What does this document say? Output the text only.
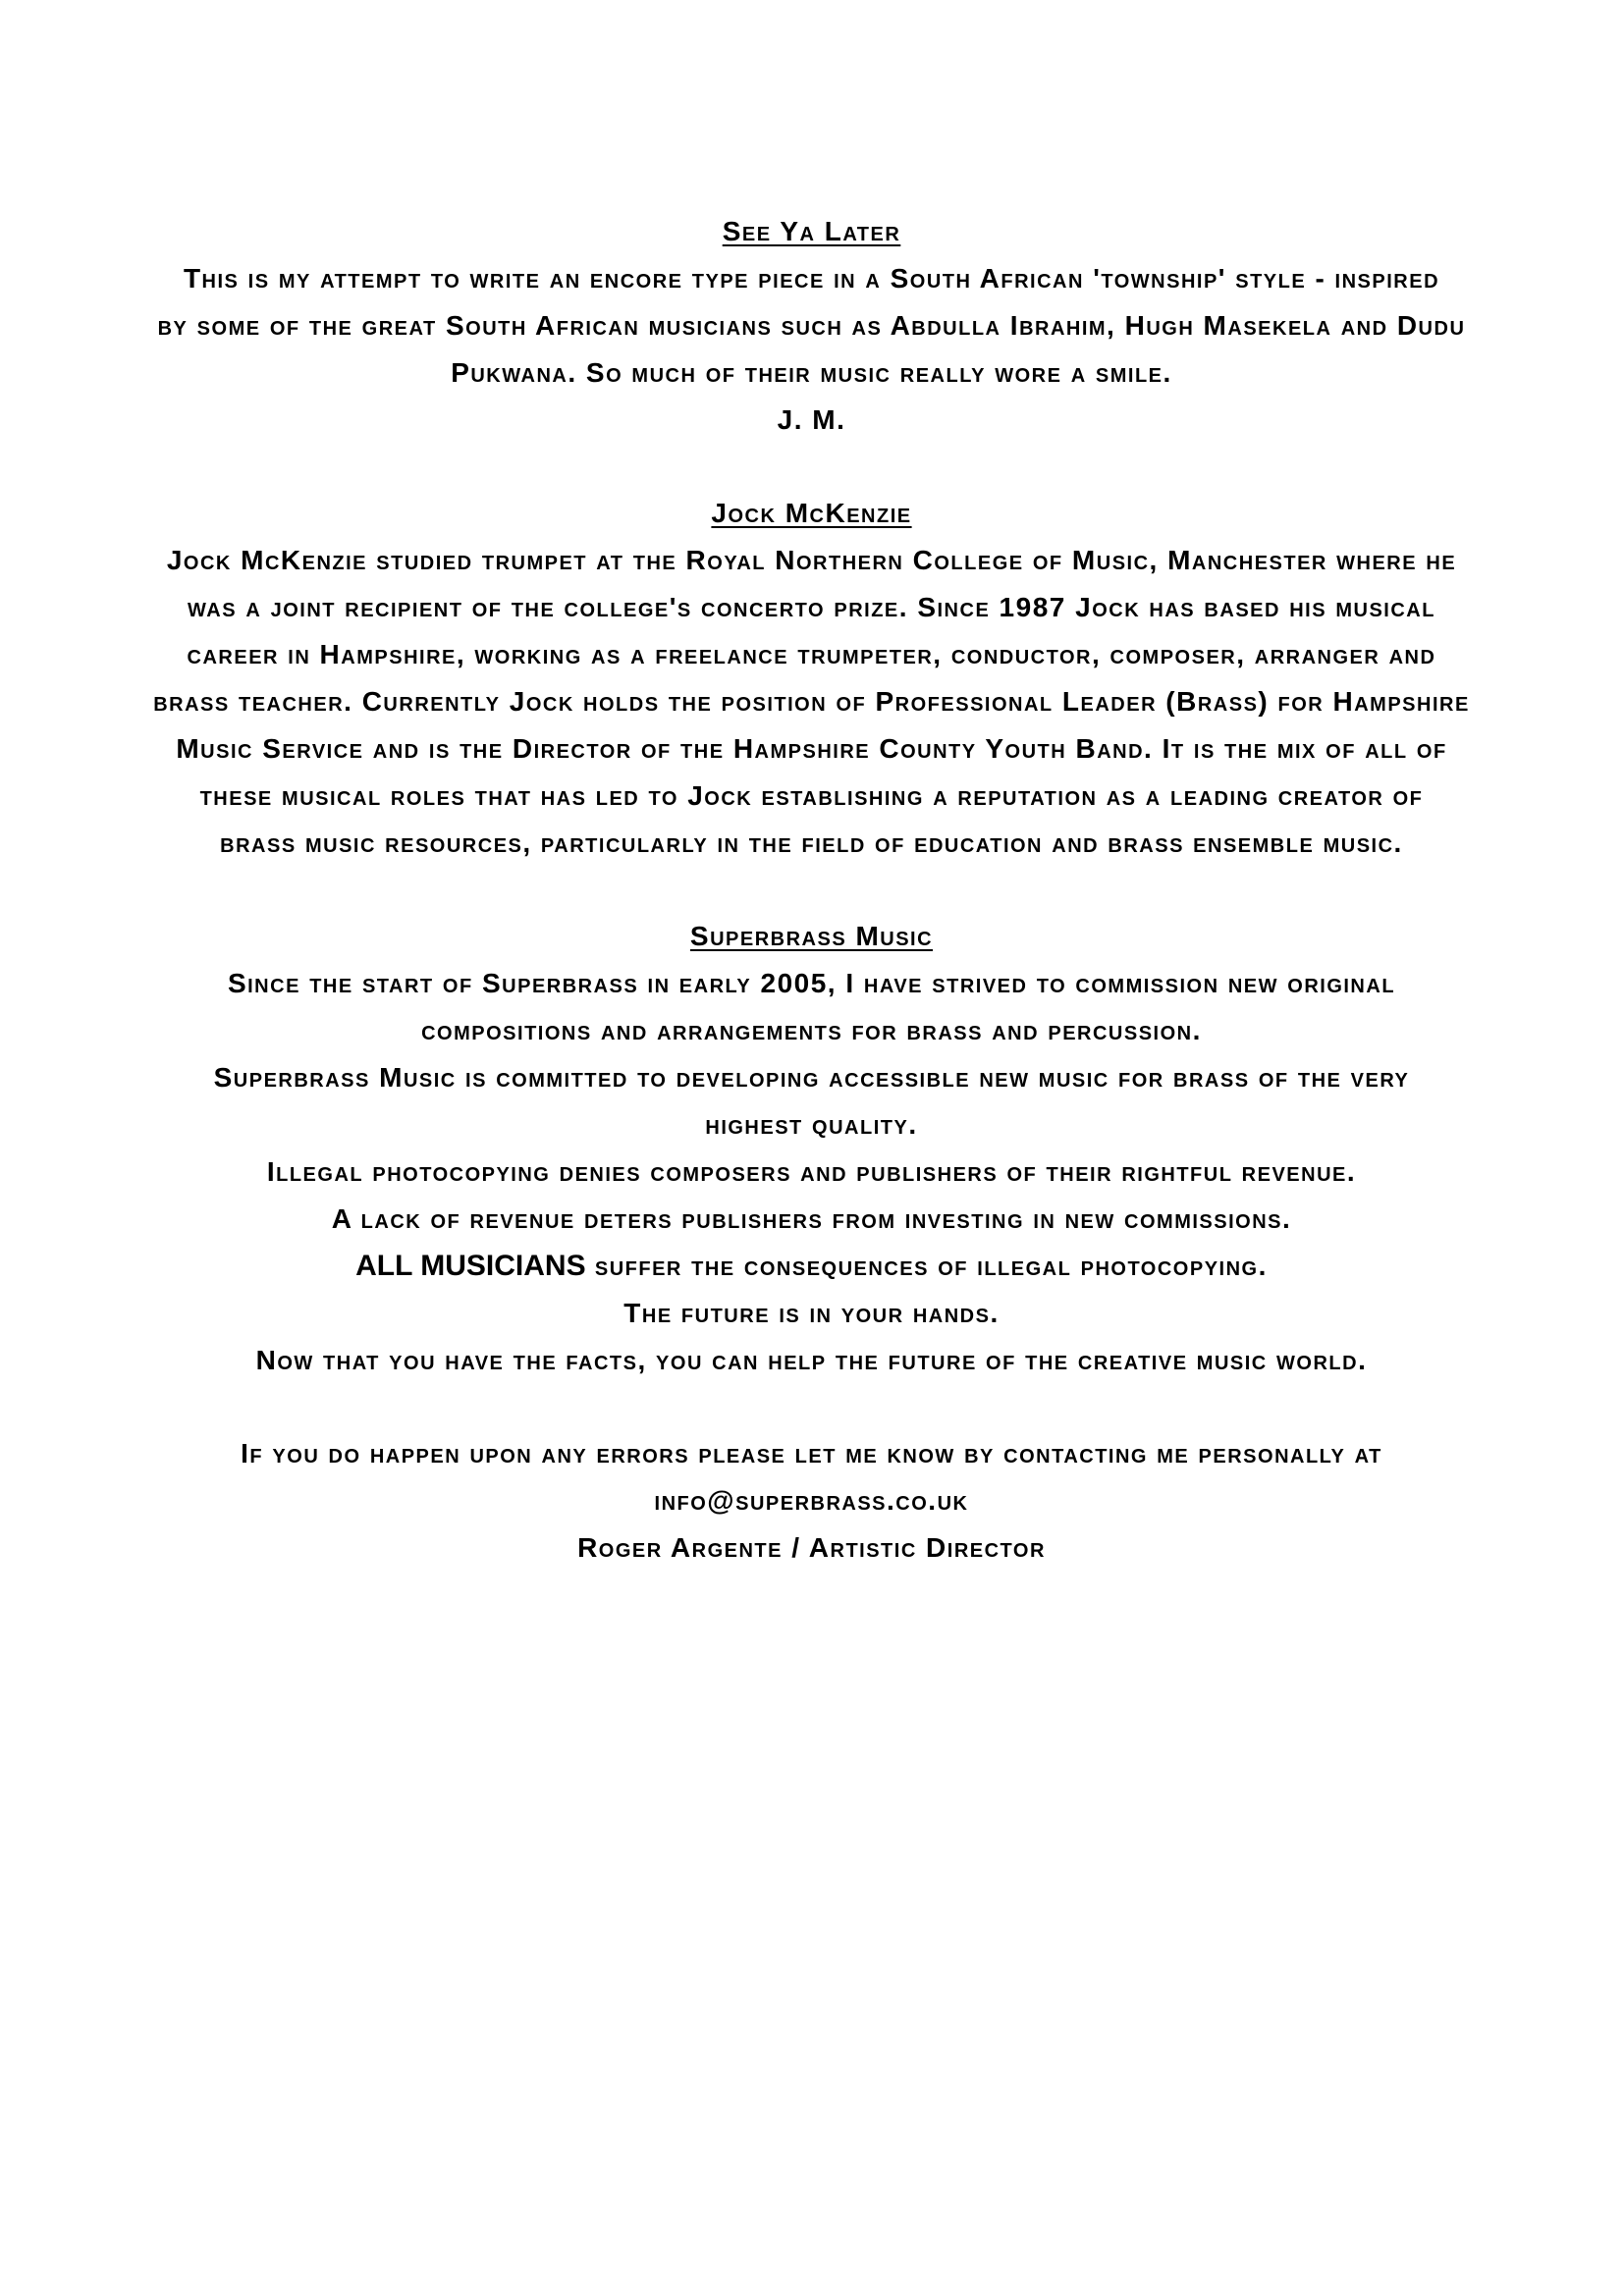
See Ya Later
This is my attempt to write an encore type piece in a South African 'township' style - inspired
by some of the great South African musicians such as Abdulla Ibrahim, Hugh Masekela and Dudu
Pukwana. So much of their music really wore a smile.
J. M.
Jock McKenzie
Jock McKenzie studied trumpet at the Royal Northern College of Music, Manchester where he
was a joint recipient of the college's concerto prize. Since 1987 Jock has based his musical
career in Hampshire, working as a freelance trumpeter, conductor, composer, arranger and
brass teacher. Currently Jock holds the position of Professional Leader (Brass) for Hampshire
Music Service and is the Director of the Hampshire County Youth Band. It is the mix of all of
these musical roles that has led to Jock establishing a reputation as a leading creator of
brass music resources, particularly in the field of education and brass ensemble music.
Superbrass Music
Since the start of Superbrass in early 2005, I have strived to commission new original
compositions and arrangements for brass and percussion.
Superbrass Music is committed to developing accessible new music for brass of the very
highest quality.
Illegal photocopying denies composers and publishers of their rightful revenue.
A lack of revenue deters publishers from investing in new commissions.
ALL MUSICIANS suffer the consequences of illegal photocopying.
The future is in your hands.
Now that you have the facts, you can help the future of the creative music world.
If you do happen upon any errors please let me know by contacting me personally at
info@superbrass.co.uk
Roger Argente / Artistic Director
